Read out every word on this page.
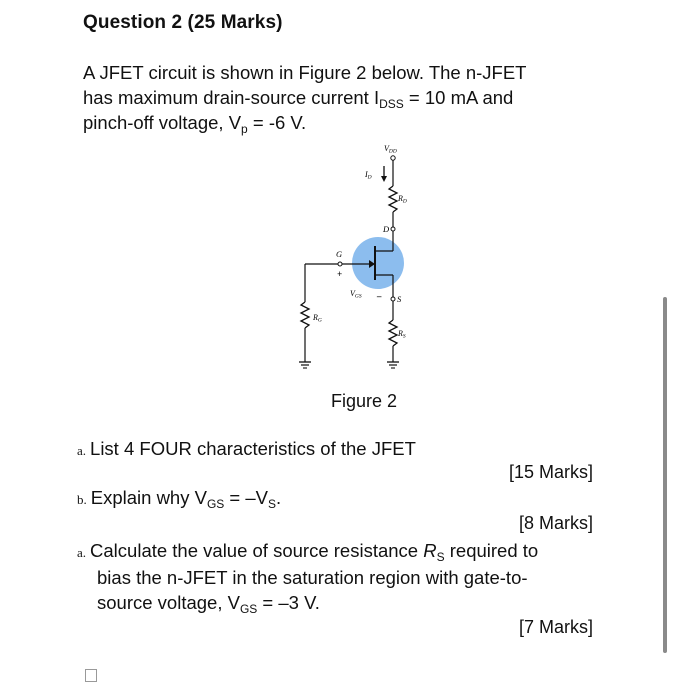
Question 2 (25 Marks)
A JFET circuit is shown in Figure 2 below. The n-JFET
has maximum drain-source current $I_{DSS} = 10$ mA and
pinch-off voltage, $V_p = -6$ V.
VDD
RD
ID
D
G
+
VGS – S
RS
RG
Figure 2
a. List 4 FOUR characteristics of the JFET
[15 Marks]
b. Explain why $V_{GS} = -V_S$.
[8 Marks]
a. Calculate the value of source resistance $R_S$ required to
bias the n-JFET in the saturation region with gate-to-
source voltage, $V_{GS} = -3$ V.
[7 Marks]
